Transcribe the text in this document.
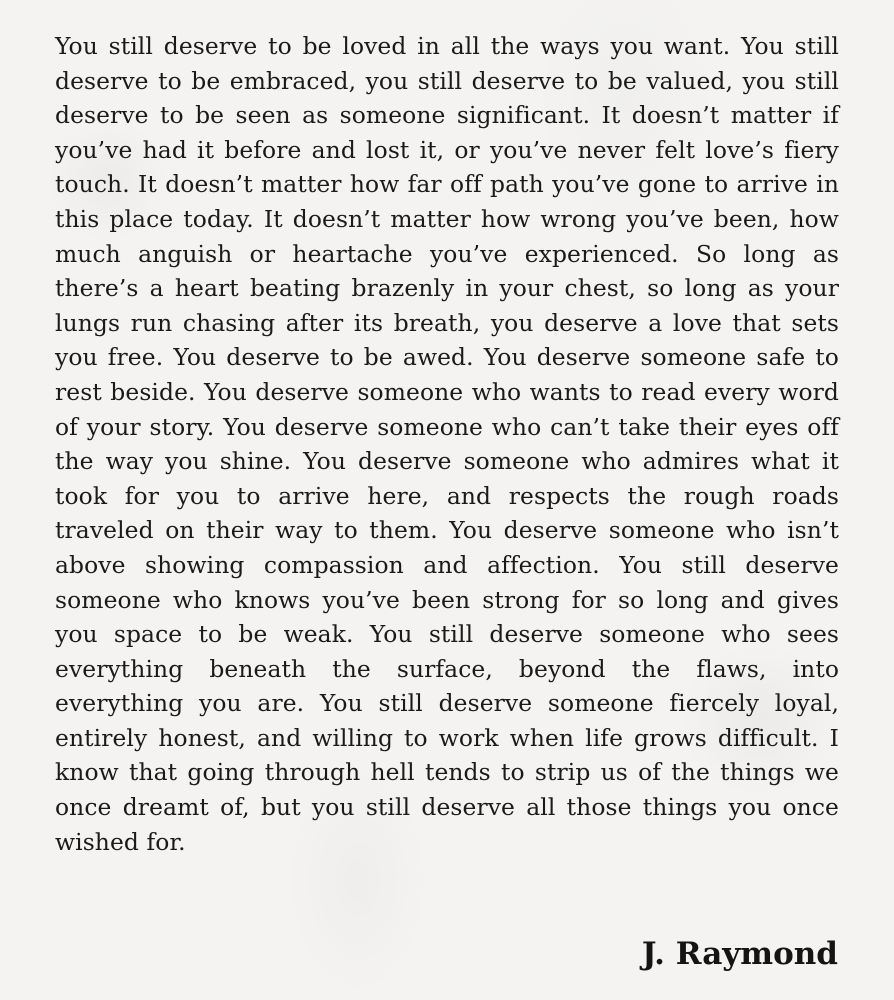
You still deserve to be loved in all the ways you want. You still deserve to be embraced, you still deserve to be valued, you still deserve to be seen as someone significant. It doesn’t matter if you’ve had it before and lost it, or you’ve never felt love’s fiery touch. It doesn’t matter how far off path you’ve gone to arrive in this place today. It doesn’t matter how wrong you’ve been, how much anguish or heartache you’ve experienced. So long as there’s a heart beating brazenly in your chest, so long as your lungs run chasing after its breath, you deserve a love that sets you free. You deserve to be awed. You deserve someone safe to rest beside. You deserve someone who wants to read every word of your story. You deserve someone who can’t take their eyes off the way you shine. You deserve someone who admires what it took for you to arrive here, and respects the rough roads traveled on their way to them. You deserve someone who isn’t above showing compassion and affection. You still deserve someone who knows you’ve been strong for so long and gives you space to be weak. You still deserve someone who sees everything beneath the surface, beyond the flaws, into everything you are. You still deserve someone fiercely loyal, entirely honest, and willing to work when life grows difficult. I know that going through hell tends to strip us of the things we once dreamt of, but you still deserve all those things you once wished for.

J. Raymond
